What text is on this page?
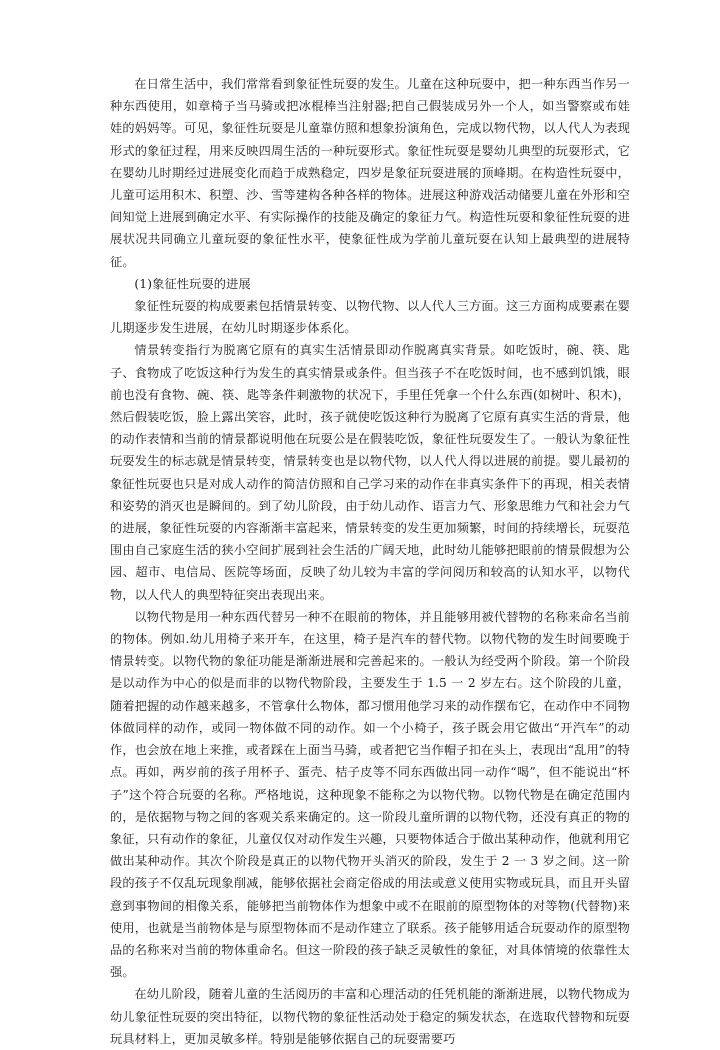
在日常生活中，我们常常看到象征性玩耍的发生。儿童在这种玩耍中，把一种东西当作另一种东西使用，如章椅子当马骑或把冰棍棒当注射器;把自己假装成另外一个人，如当警察或布娃娃的妈妈等。可见，象征性玩耍是儿童靠仿照和想象扮演角色，完成以物代物，以人代人为表现形式的象征过程，用来反映四周生活的一种玩耍形式。象征性玩耍是婴幼儿典型的玩耍形式，它在婴幼儿时期经过进展变化而趋于成熟稳定，四岁是象征玩耍进展的顶峰期。在构造性玩耍中，儿童可运用积木、积塑、沙、雪等建构各种各样的物体。进展这种游戏活动储要儿童在外形和空间知觉上进展到确定水平、有实际操作的技能及确定的象征力气。构造性玩耍和象征性玩耍的进展状况共同确立儿童玩耍的象征性水平，使象征性成为学前儿童玩耍在认知上最典型的进展特征。

(1)象征性玩耍的进展

象征性玩耍的构成要素包括情景转变、以物代物、以人代人三方面。这三方面构成要素在婴儿期逐步发生进展，在幼儿时期逐步体系化。

情景转变指行为脱离它原有的真实生活情景即动作脱离真实背景。如吃饭时，碗、筷、匙子、食物成了吃饭这种行为发生的真实情景或条件。但当孩子不在吃饭时间，也不感到饥饿，眼前也没有食物、碗、筷、匙等条件刺激物的状况下，手里任凭拿一个什么东西(如树叶、积木)，然后假装吃饭，脸上露出笑容，此时，孩子就使吃饭这种行为脱离了它原有真实生活的背景，他的动作表情和当前的情景都说明他在玩耍公是在假装吃饭，象征性玩耍发生了。一般认为象征性玩耍发生的标志就是情景转变，情景转变也是以物代物，以人代人得以进展的前提。婴儿最初的象征性玩耍也只是对成人动作的简洁仿照和自己学习来的动作在非真实条件下的再现，相关表情和姿势的消灭也是瞬间的。到了幼儿阶段，由于幼儿动作、语言力气、形象思维力气和社会力气的进展，象征性玩耍的内容渐渐丰富起来，情景转变的发生更加频繁，时间的持续增长，玩耍范围由自己家庭生活的狭小空间扩展到社会生活的广阔天地，此时幼儿能够把眼前的情景假想为公园、超市、电信局、医院等场面，反映了幼儿较为丰富的学问阅历和较高的认知水平，以物代物，以人代人的典型特征突出表现出来。

以物代物是用一种东西代替另一种不在眼前的物体，并且能够用被代替物的名称来命名当前的物体。例如.幼儿用椅子来开车，在这里，椅子是汽车的替代物。以物代物的发生时间要晚于情景转变。以物代物的象征功能是渐渐进展和完善起来的。一般认为经受两个阶段。第一个阶段是以动作为中心的似是而非的以物代物阶段，主要发生于 1.5 一 2 岁左右。这个阶段的儿童，随着把握的动作越来越多，不管拿什么物体，都习惯用他学习来的动作摆布它，在动作中不同物体做同样的动作，或同一物体做不同的动作。如一个小椅子，孩子既会用它做出“开汽车”的动作，也会放在地上来推，或者踩在上面当马骑，或者把它当作帽子扣在头上，表现出“乱用”的特点。再如，两岁前的孩子用杯子、蛋壳、桔子皮等不同东西做出同一动作“喝”，但不能说出“杯子”这个符合玩耍的名称。严格地说，这种现象不能称之为以物代物。以物代物是在确定范围内的，是依据物与物之间的客观关系来确定的。这一阶段儿童所谓的以物代物，还没有真正的物的象征，只有动作的象征，儿童仅仅对动作发生兴趣，只要物体适合于做出某种动作，他就利用它做出某种动作。其次个阶段是真正的以物代物开头消灭的阶段，发生于 2 一 3 岁之间。这一阶段的孩子不仅乱玩现象削减，能够依据社会商定俗成的用法或意义使用实物或玩具，而且开头留意到事物间的相像关系，能够把当前物体作为想象中或不在眼前的原型物体的对等物(代替物)来使用，也就是当前物体是与原型物体而不是动作建立了联系。孩子能够用适合玩耍动作的原型物品的名称来对当前的物体重命名。但这一阶段的孩子缺乏灵敏性的象征，对具体情境的依靠性太强。

在幼儿阶段，随着儿童的生活阅历的丰富和心理活动的任凭机能的渐渐进展，以物代物成为幼儿象征性玩耍的突出特征，以物代物的象征性活动处于稳定的频发状态，在选取代替物和玩耍玩具材料上，更加灵敏多样。特别是能够依据自己的玩耍需要巧
